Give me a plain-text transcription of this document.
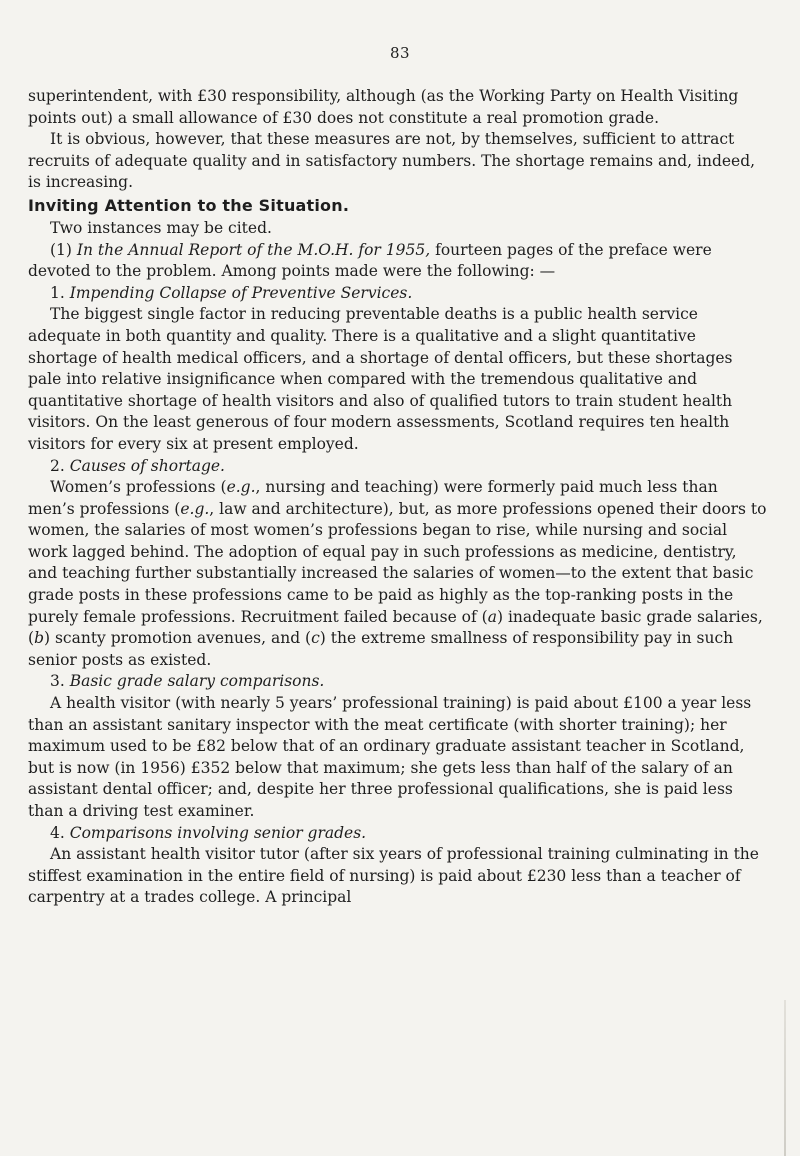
83

superintendent, with £30 responsibility, although (as the Working Party on Health Visiting points out) a small allowance of £30 does not constitute a real promotion grade.

It is obvious, however, that these measures are not, by themselves, sufficient to attract recruits of adequate quality and in satisfactory numbers. The shortage remains and, indeed, is increasing.

Inviting Attention to the Situation.

Two instances may be cited.

(1) In the Annual Report of the M.O.H. for 1955, fourteen pages of the preface were devoted to the problem. Among points made were the following: —

1. Impending Collapse of Preventive Services.

The biggest single factor in reducing preventable deaths is a public health service adequate in both quantity and quality. There is a qualitative and a slight quantitative shortage of health medical officers, and a shortage of dental officers, but these shortages pale into relative insignificance when compared with the tremendous qualitative and quantitative shortage of health visitors and also of qualified tutors to train student health visitors. On the least generous of four modern assessments, Scotland requires ten health visitors for every six at present employed.

2. Causes of shortage.

Women’s professions (e.g., nursing and teaching) were formerly paid much less than men’s professions (e.g., law and architecture), but, as more professions opened their doors to women, the salaries of most women’s professions began to rise, while nursing and social work lagged behind. The adoption of equal pay in such professions as medicine, dentistry, and teaching further substantially increased the salaries of women—to the extent that basic grade posts in these professions came to be paid as highly as the top-ranking posts in the purely female professions. Recruitment failed because of (a) inadequate basic grade salaries, (b) scanty promotion avenues, and (c) the extreme smallness of responsibility pay in such senior posts as existed.

3. Basic grade salary comparisons.

A health visitor (with nearly 5 years’ professional training) is paid about £100 a year less than an assistant sanitary inspector with the meat certificate (with shorter training); her maximum used to be £82 below that of an ordinary graduate assistant teacher in Scotland, but is now (in 1956) £352 below that maximum; she gets less than half of the salary of an assistant dental officer; and, despite her three professional qualifications, she is paid less than a driving test examiner.

4. Comparisons involving senior grades.

An assistant health visitor tutor (after six years of professional training culminating in the stiffest examination in the entire field of nursing) is paid about £230 less than a teacher of carpentry at a trades college. A principal
